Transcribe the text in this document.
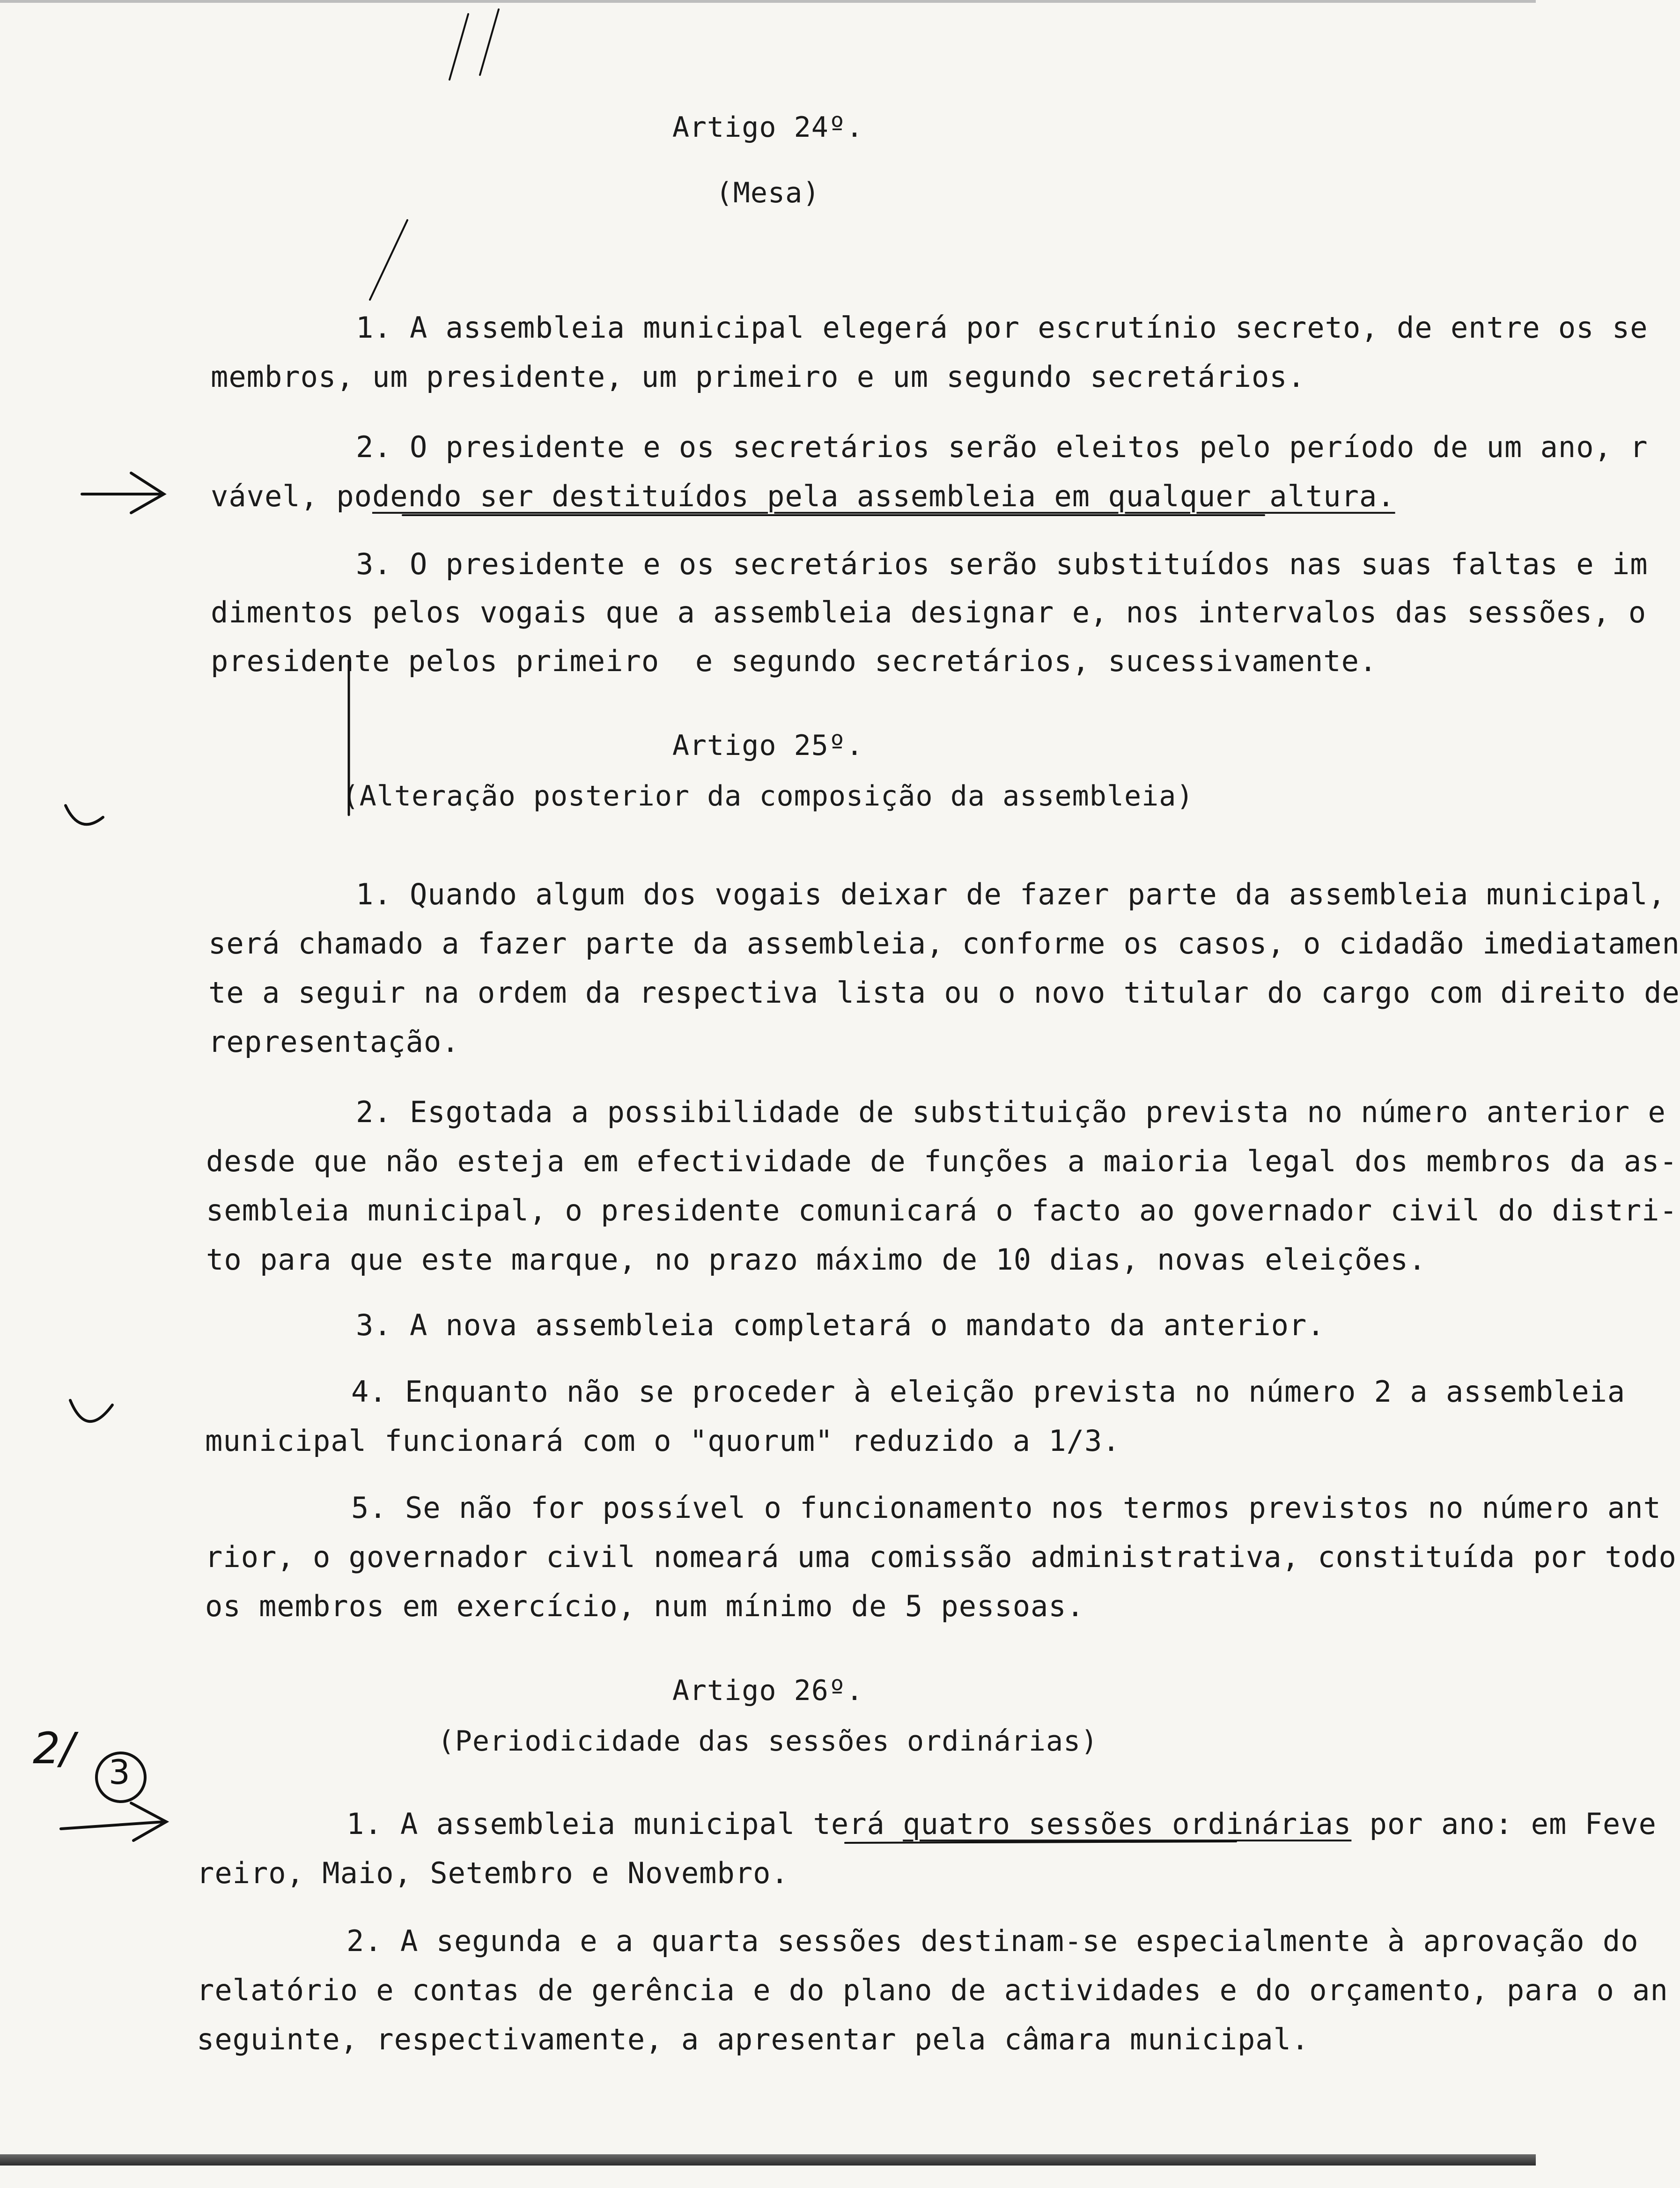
Artigo 24º.
(Mesa)
1. A assembleia municipal elegerá por escrutínio secreto, de entre os se
membros, um presidente, um primeiro e um segundo secretários.
2. O presidente e os secretários serão eleitos pelo período de um ano, r
vável, podendo ser destituídos pela assembleia em qualquer altura.
3. O presidente e os secretários serão substituídos nas suas faltas e im
dimentos pelos vogais que a assembleia designar e, nos intervalos das sessões, o
presidente pelos primeiro  e segundo secretários, sucessivamente.
Artigo 25º.
(Alteração posterior da composição da assembleia)
1. Quando algum dos vogais deixar de fazer parte da assembleia municipal,
será chamado a fazer parte da assembleia, conforme os casos, o cidadão imediatamen
te a seguir na ordem da respectiva lista ou o novo titular do cargo com direito de
representação.
2. Esgotada a possibilidade de substituição prevista no número anterior e
desde que não esteja em efectividade de funções a maioria legal dos membros da as-
sembleia municipal, o presidente comunicará o facto ao governador civil do distri-
to para que este marque, no prazo máximo de 10 dias, novas eleições.
3. A nova assembleia completará o mandato da anterior.
4. Enquanto não se proceder à eleição prevista no número 2 a assembleia
municipal funcionará com o "quorum" reduzido a 1/3.
5. Se não for possível o funcionamento nos termos previstos no número ant
rior, o governador civil nomeará uma comissão administrativa, constituída por todo
os membros em exercício, num mínimo de 5 pessoas.
Artigo 26º.
(Periodicidade das sessões ordinárias)
1. A assembleia municipal terá quatro sessões ordinárias por ano: em Feve
reiro, Maio, Setembro e Novembro.
2. A segunda e a quarta sessões destinam-se especialmente à aprovação do
relatório e contas de gerência e do plano de actividades e do orçamento, para o an
seguinte, respectivamente, a apresentar pela câmara municipal.
2/ 3
